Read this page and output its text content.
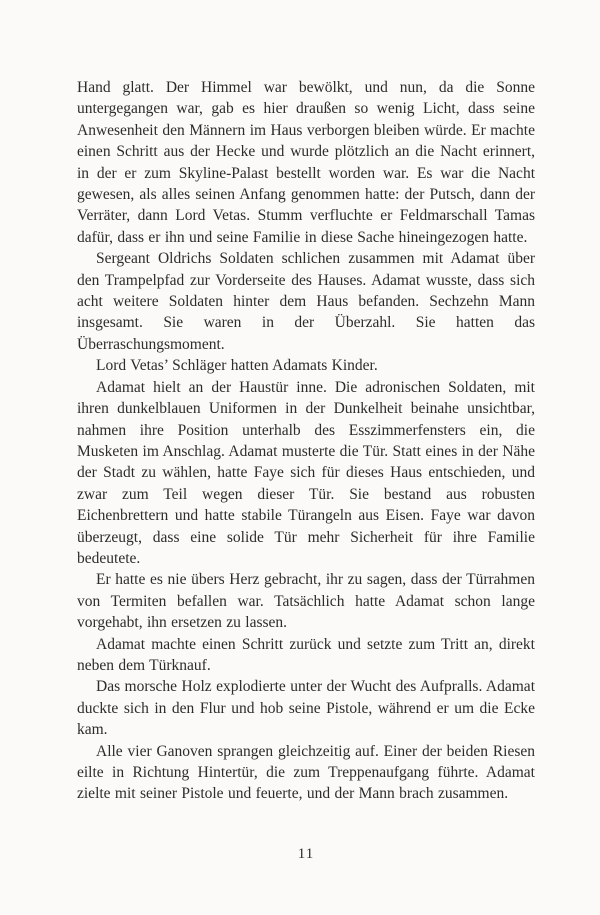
Hand glatt. Der Himmel war bewölkt, und nun, da die Sonne untergegangen war, gab es hier draußen so wenig Licht, dass seine Anwesenheit den Männern im Haus verborgen bleiben würde. Er machte einen Schritt aus der Hecke und wurde plötzlich an die Nacht erinnert, in der er zum Skyline-Palast bestellt worden war. Es war die Nacht gewesen, als alles seinen Anfang genommen hatte: der Putsch, dann der Verräter, dann Lord Vetas. Stumm verfluchte er Feldmarschall Tamas dafür, dass er ihn und seine Familie in diese Sache hineingezogen hatte.

Sergeant Oldrichs Soldaten schlichen zusammen mit Adamat über den Trampelpfad zur Vorderseite des Hauses. Adamat wusste, dass sich acht weitere Soldaten hinter dem Haus befanden. Sechzehn Mann insgesamt. Sie waren in der Überzahl. Sie hatten das Überraschungsmoment.

Lord Vetas’ Schläger hatten Adamats Kinder.

Adamat hielt an der Haustür inne. Die adronischen Soldaten, mit ihren dunkelblauen Uniformen in der Dunkelheit beinahe unsichtbar, nahmen ihre Position unterhalb des Esszimmerfensters ein, die Musketen im Anschlag. Adamat musterte die Tür. Statt eines in der Nähe der Stadt zu wählen, hatte Faye sich für dieses Haus entschieden, und zwar zum Teil wegen dieser Tür. Sie bestand aus robusten Eichenbrettern und hatte stabile Türangeln aus Eisen. Faye war davon überzeugt, dass eine solide Tür mehr Sicherheit für ihre Familie bedeutete.

Er hatte es nie übers Herz gebracht, ihr zu sagen, dass der Türrahmen von Termiten befallen war. Tatsächlich hatte Adamat schon lange vorgehabt, ihn ersetzen zu lassen.

Adamat machte einen Schritt zurück und setzte zum Tritt an, direkt neben dem Türknauf.

Das morsche Holz explodierte unter der Wucht des Aufpralls. Adamat duckte sich in den Flur und hob seine Pistole, während er um die Ecke kam.

Alle vier Ganoven sprangen gleichzeitig auf. Einer der beiden Riesen eilte in Richtung Hintertür, die zum Treppenaufgang führte. Adamat zielte mit seiner Pistole und feuerte, und der Mann brach zusammen.

11
